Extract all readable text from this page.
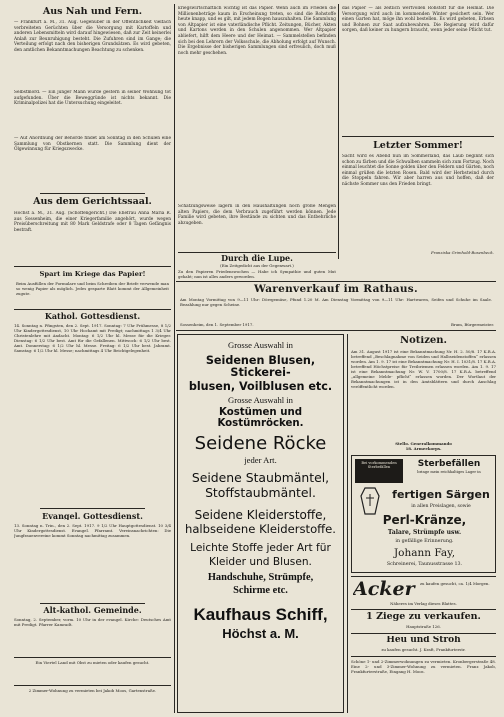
Aus Nah und Fern.
— Frankfurt a. M., 31. Aug. Gegenüber in der Öffentlichkeit vielfach verbreiteten Gerüchten über die Versorgung mit Kartoffeln und anderen Lebensmitteln wird darauf hingewiesen, daß zur Zeit keinerlei Anlaß zur Beunruhigung besteht. Die Zufuhren sind im Gange; die Verteilung erfolgt nach den bisherigen Grundsätzen. Es wird gebeten, den amtlichen Bekanntmachungen Beachtung zu schenken.
Selbstmord. — Ein junger Mann wurde gestern in seiner Wohnung tot aufgefunden. Über die Beweggründe ist nichts bekannt. Die Kriminalpolizei hat die Untersuchung eingeleitet.
— Auf Anordnung der Behörde findet am Sonntag in den Schulen eine Sammlung von Obstkernen statt. Die Sammlung dient der Ölgewinnung für Kriegszwecke.
Aus dem Gerichtssaal.
Höchst a. M., 31. Aug. (Schöffengericht.) Die Ehefrau Anna Maria R. aus Sossenheim, die einer Kriegerfamilie angehört, wurde wegen Preisüberschreitung mit 80 Mark Geldstrafe oder 8 Tagen Gefängnis bestraft.
Spart im Kriege das Papier!
Beim Ausfüllen der Formulare und beim Schreiben der Briefe verwende man so wenig Papier als möglich. Jedes gesparte Blatt kommt der Allgemeinheit zugute.
Kathol. Gottesdienst.
14. Sonntag n. Pfingsten, den 2. Sept. 1917. Sonntag: 7 Uhr Frühmesse, 8 1/2 Uhr Kindergottesdienst, 10 Uhr Hochamt mit Predigt; nachmittags 1 3/4 Uhr Christenlehre mit Andacht. Montag: 6 1/2 Uhr hl. Messe für die Krieger. Dienstag: 6 1/2 Uhr best. Amt für die Gefallenen. Mittwoch: 6 1/2 Uhr best. Amt. Donnerstag: 6 1/2 Uhr hl. Messe. Freitag: 6 1/2 Uhr best. Jahramt. Samstag: 6 1/2 Uhr hl. Messe; nachmittags 4 Uhr Beichtgelegenheit.
Evangel. Gottesdienst.
13. Sonntag n. Trin., den 2. Sept. 1917. 9 1/2 Uhr Hauptgottesdienst. 10 3/4 Uhr Kindergottesdienst. Evangel. Pfarramt. Vereinsnachrichten: Die Jungfrauenvereine kommt Sonntag nachmittag zusammen.
Alt-kathol. Gemeinde.
Sonntag, 2. September, vorm. 10 Uhr in der evangel. Kirche: Deutsches Amt mit Predigt. Pfarrer Kamradt.
Ein Viertel Land mit Obst zu mieten oder kaufen gesucht.
2 Zimmer-Wohnung zu vermieten bei Jakob Moos, Gartenstraße.
kriegswirtschaftlich wichtig ist das Papier. Wenn auch im Frieden die Millionenbeträge kaum in Erscheinung treten, so sind die Rohstoffe heute knapp, und es gilt, mit jedem Bogen hauszuhalten. Die Sammlung von Altpapier ist eine vaterländische Pflicht. Zeitungen, Bücher, Akten und Kartons werden in den Schulen angenommen. Wer Altpapier abliefert, hilft dem Heere und der Heimat. — Sammelstellen befinden sich bei den Lehrern der Volksschule, die Abholung erfolgt auf Wunsch. Die Ergebnisse der bisherigen Sammlungen sind erfreulich, doch muß noch mehr geschehen.
Schätzungsweise lagern in den Haushaltungen noch große Mengen alten Papiers, die dem Verbrauch zugeführt werden können. Jede Familie wird gebeten, ihre Bestände zu sichten und das Entbehrliche abzugeben.
das Papier — als zeitlich wertvollen Rohstoff für die Heimat. Die Versorgung wird auch im kommenden Winter gesichert sein. Wer einen Garten hat, möge ihn wohl bestellen. Es wird gebeten, Erbsen und Bohnen zur Saat aufzubewahren. Die Regierung wird dafür sorgen, daß keiner zu hungern braucht, wenn jeder seine Pflicht tut.
Letzter Sommer!
Sacht wird es Abend nun im Sommerland, das Laub beginnt sich schon zu färben und die Schwalben sammeln sich zum Fortzug. Noch einmal leuchtet die Sonne golden über den Feldern und Gärten, noch einmal grüßen die letzten Rosen. Bald wird der Herbstwind durch die Stoppeln fahren. Wir aber harren aus und hoffen, daß der nächste Sommer uns den Frieden bringt.
Franziska Grimhold-Bosenbeck.
Durch die Lupe.
(Ein Zeitgedicht aus der Gegenwart.)
Zu den Papieren Friedenswochen — Habe ich Sympathie und guten Mut gehabt; nun ist alles anders geworden.
Warenverkauf im Rathaus.
Am Montag Vormittag von 9—11 Uhr: Dörrgemüse, Pfund 1.20 M. Am Dienstag Vormittag von 9—11 Uhr: Hartwaren, Seifen und Schuhe im Saale. Bezahlung nur gegen Scheine.
Sossenheim, den 1. September 1917.	Brum, Bürgermeister.
Grosse Auswahl in
Seidenen Blusen, Stickerei-
blusen, Voilblusen etc.
Grosse Auswahl in
Kostümen und Kostümröcken.
Seidene Röcke
jeder Art.
Seidene Staubmäntel,
Stoffstaubmäntel.
Seidene Kleiderstoffe,
halbseidene Kleiderstoffe.
Leichte Stoffe jeder Art für
Kleider und Blusen.
Handschuhe, Strümpfe,
Schirme etc.
Kaufhaus Schiff,
Höchst a. M.
Notizen.
Am 31. August 1917 ist eine Bekanntmachung Nr. H. 2. 50/8. 17 K.R.A. betreffend „Beschlagnahme von Seiden und Halbseidenstoffen“ erlassen worden. Am 1. 9. 17 ist eine Bekanntmachung Nr. H. I. 1031/8. 17 K.R.A. betreffend Höchstpreise für Treibriemen erlassen worden. Am 1. 9. 17 ist eine Bekanntmachung Nr. W. V. 1700/8. 17 K.R.A. betreffend „allgemeine Melde- pflicht“ erlassen worden. Der Wortlaut der Bekanntmachungen ist in den Amtsblättern und durch Anschlag veröffentlicht worden.
Stello. Generalkommando
18. Armeekorps.
Bei vorkommenden Sterbefällen	Sterbefällen
bringe mein reichhaltiges Lager in
fertigen Särgen
in allen Preislagen, sowie
Perl-Kränze,
Talare, Strümpfe usw.
in gefällige Erinnerung.
Johann Fay,
Schreinerei, Taunusstrasse 13.
Acker	zu kaufen gesucht, ca. 1/4 Morgen.
Näheres im Verlag dieses Blattes.
1 Ziege zu verkaufen.
Hauptstraße 126.
Heu und Stroh
zu kaufen gesucht. J. Kraft, Frankfurterstr.
Schöne 1- und 2-Zimmerwohnungen zu vermieten. Kronbergerstraße 48. Eine 2- und 3-Zimmer-Wohnung zu vermieten. Franz Jakob, Frankfurterstraße, Eingang H. Moos.
